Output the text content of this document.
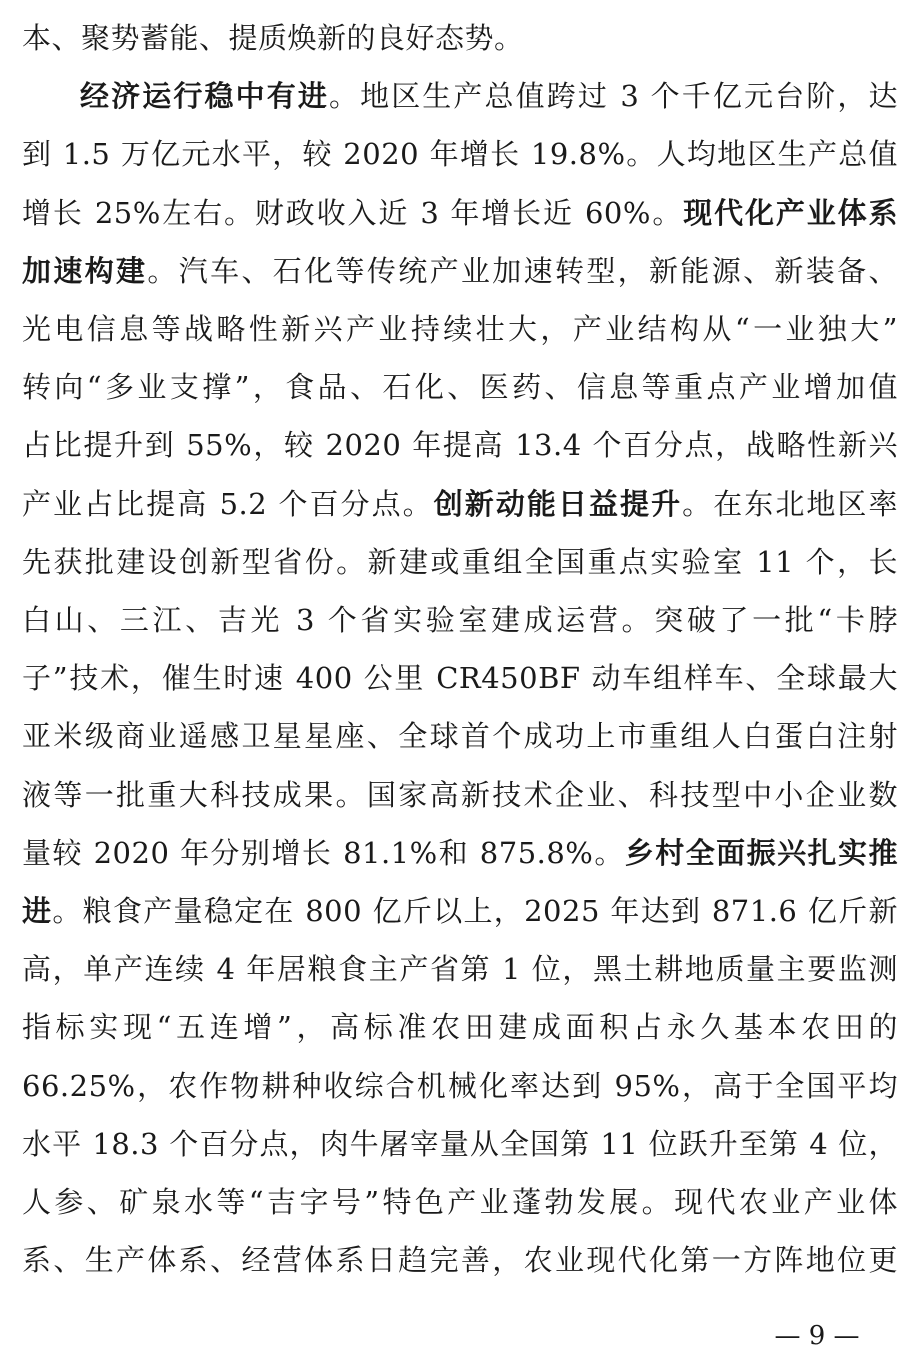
本、聚势蓄能、提质焕新的良好态势。
经济运行稳中有进。地区生产总值跨过 3 个千亿元台阶，达
到 1.5 万亿元水平，较 2020 年增长 19.8%。人均地区生产总值
增长 25%左右。财政收入近 3 年增长近 60%。现代化产业体系
加速构建。汽车、石化等传统产业加速转型，新能源、新装备、
光电信息等战略性新兴产业持续壮大，产业结构从“一业独大”
转向“多业支撑”，食品、石化、医药、信息等重点产业增加值
占比提升到 55%，较 2020 年提高 13.4 个百分点，战略性新兴
产业占比提高 5.2 个百分点。创新动能日益提升。在东北地区率
先获批建设创新型省份。新建或重组全国重点实验室 11 个，长
白山、三江、吉光 3 个省实验室建成运营。突破了一批“卡脖
子”技术，催生时速 400 公里 CR450BF 动车组样车、全球最大
亚米级商业遥感卫星星座、全球首个成功上市重组人白蛋白注射
液等一批重大科技成果。国家高新技术企业、科技型中小企业数
量较 2020 年分别增长 81.1%和 875.8%。乡村全面振兴扎实推
进。粮食产量稳定在 800 亿斤以上，2025 年达到 871.6 亿斤新
高，单产连续 4 年居粮食主产省第 1 位，黑土耕地质量主要监测
指标实现“五连增”，高标准农田建成面积占永久基本农田的
66.25%，农作物耕种收综合机械化率达到 95%，高于全国平均
水平 18.3 个百分点，肉牛屠宰量从全国第 11 位跃升至第 4 位，
人参、矿泉水等“吉字号”特色产业蓬勃发展。现代农业产业体
系、生产体系、经营体系日趋完善，农业现代化第一方阵地位更
— 9 —
